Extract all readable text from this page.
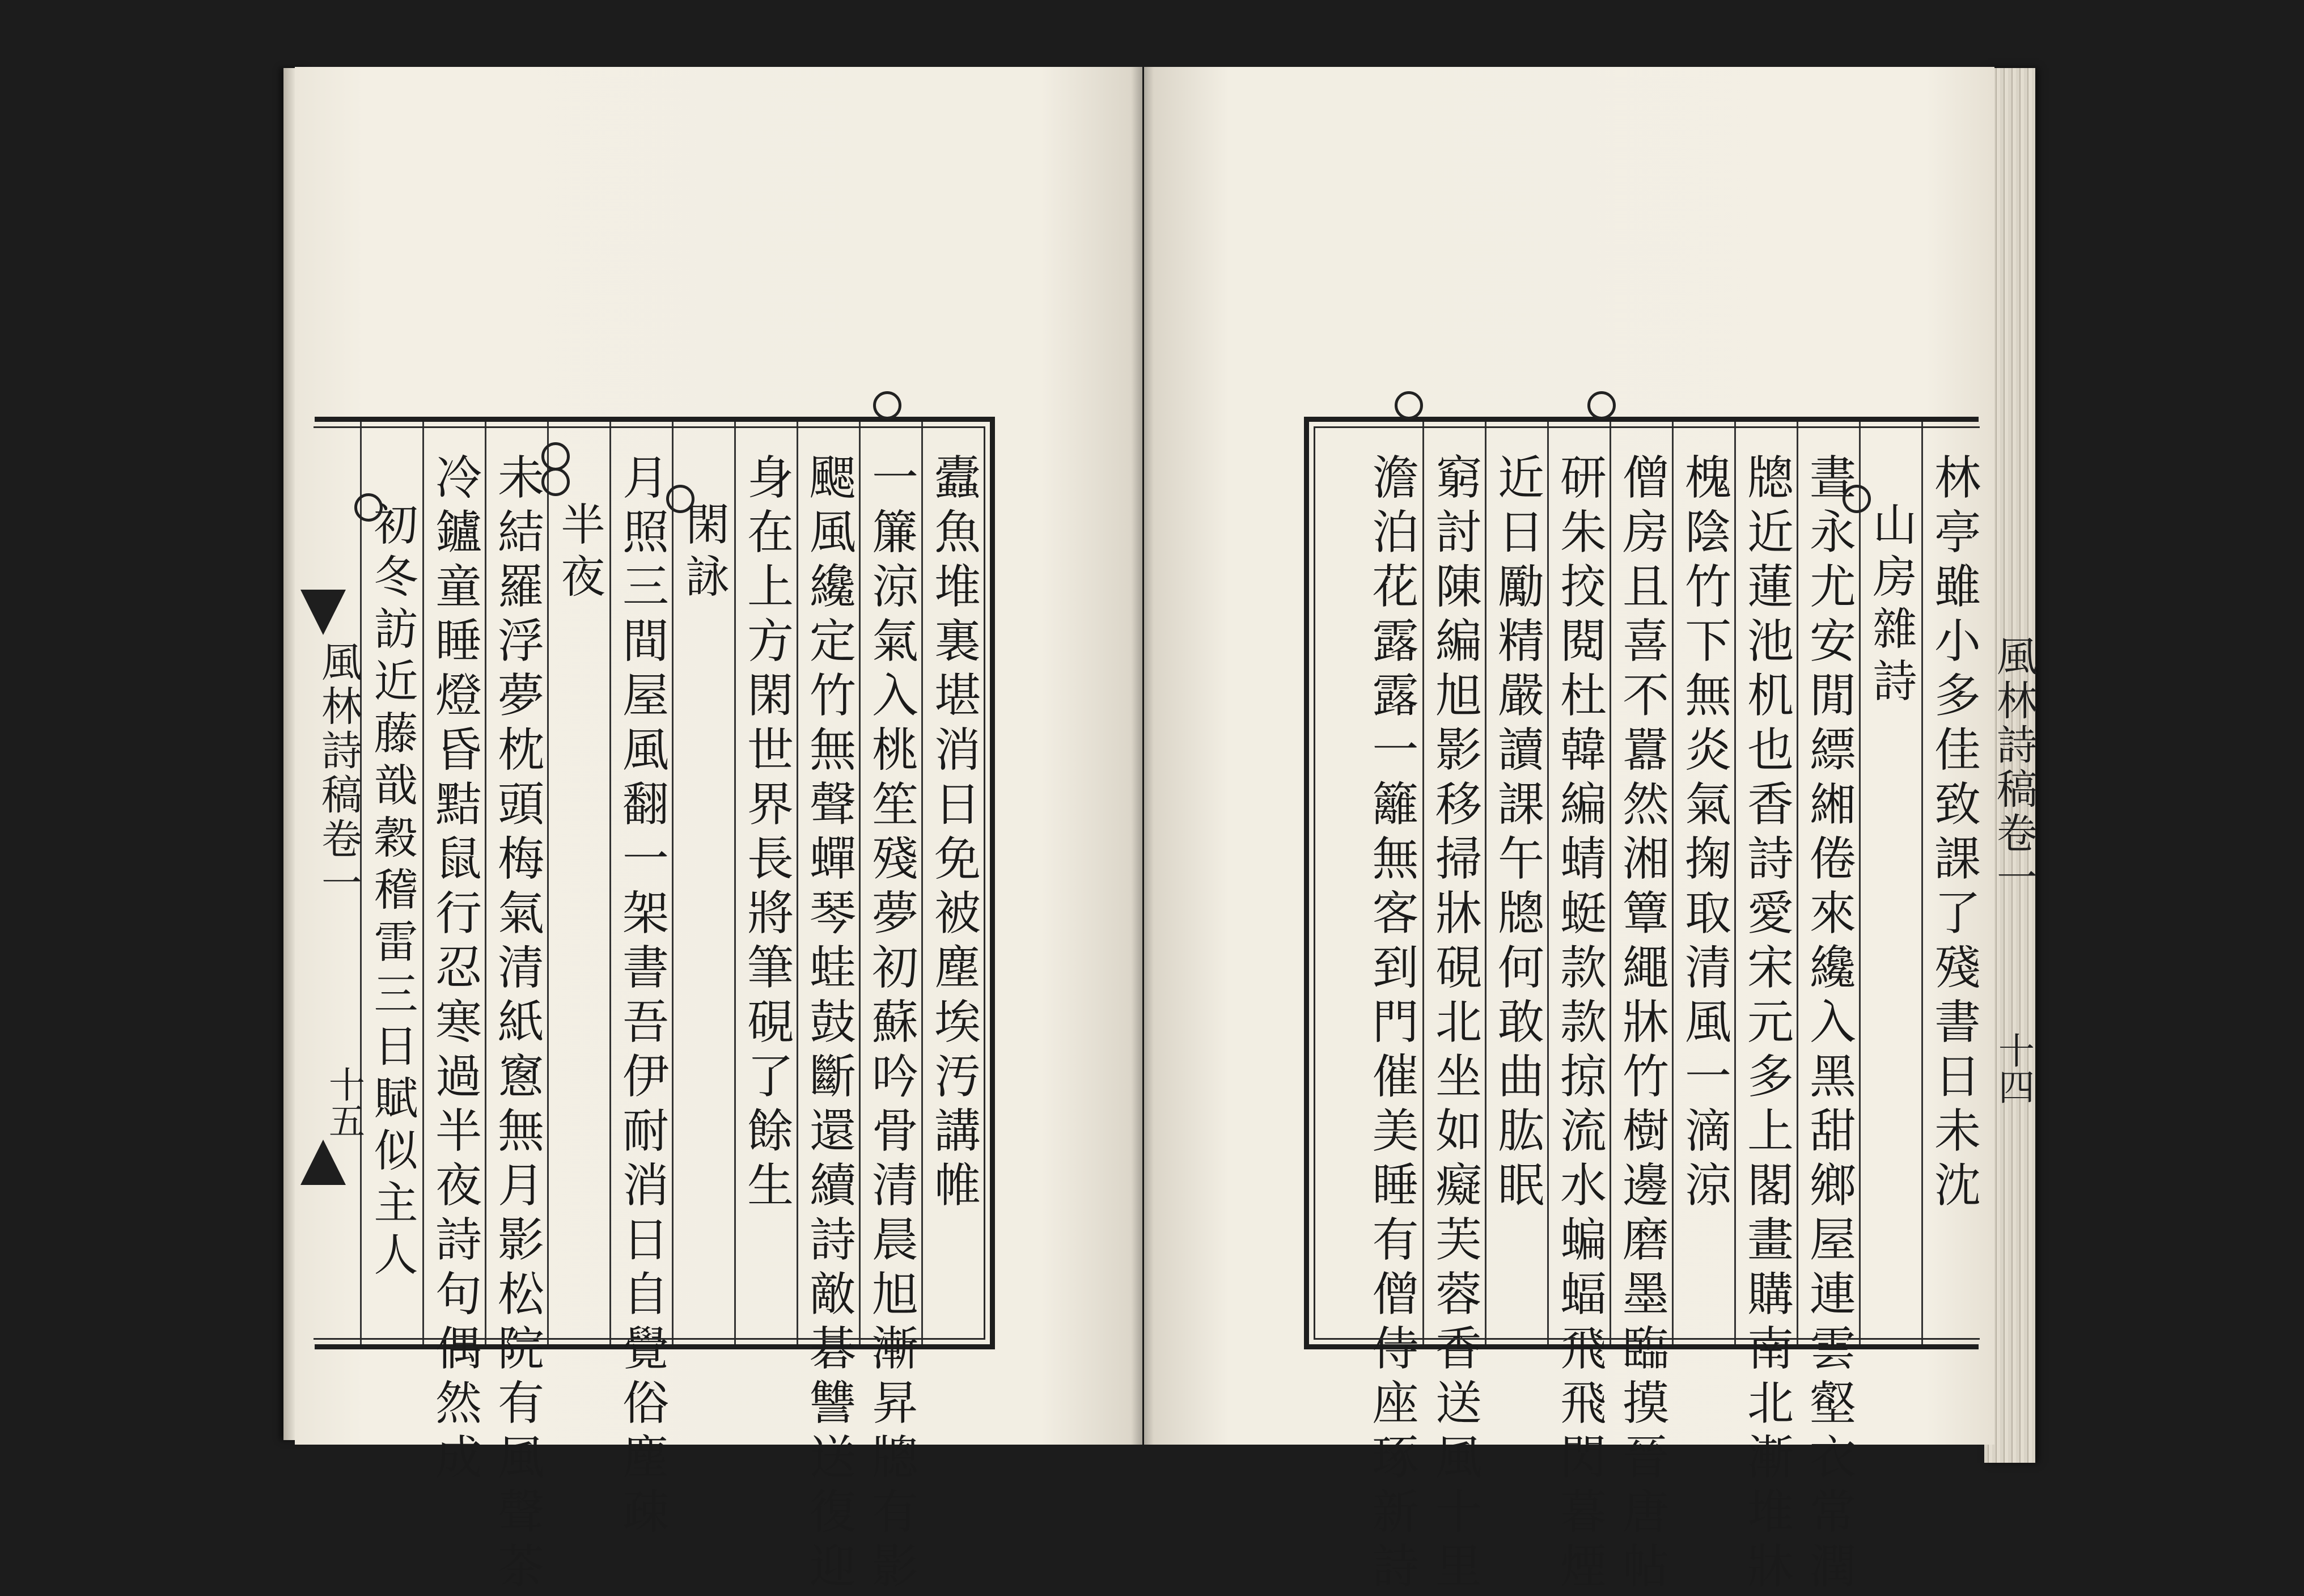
蠹魚堆裏堪消日免被塵埃汚講帷
一簾涼氣入桃笙殘夢初蘇吟骨清晨旭漸昇牕有影
颸風纔定竹無聲蟬琴蛙鼓斷還續詩敵碁讐送復迎
身在上方閑世界長將筆硯了餘生
閑詠
月照三間屋風翻一架書吾伊耐消日自覺俗塵疎
半夜
未結羅浮夢枕頭梅氣清紙窻無月影松院有風聲茶
冷鑪童睡燈昏黠鼠行忍寒過半夜詩句偶然成
初冬訪近藤戠穀稽雷三日賦似主人
風林詩稿卷一
十五	林亭雖小多佳致課了殘書日未沈
山房雜詩
晝永尤安閒縹緗倦來纔入黑甜鄉屋連雲壑衣常潤
牕近蓮池机也香詩愛宋元多上閣畫購南北漸堆牀
槐陰竹下無炎氣掬取清風一滴涼
僧房且喜不囂然湘簟繩牀竹樹邊磨墨臨摸晉唐帖
研朱挍閱杜韓編蜻蜓款款掠流水蝙蝠飛飛閃暮煙
近日勵精嚴讀課午牕何敢曲肱眠
窮討陳編旭影移掃牀硯北坐如癡芙蓉香送風十里
澹泊花露露一籬無客到門催美睡有僧侍座琢新詩	風林詩稿卷一
十四
